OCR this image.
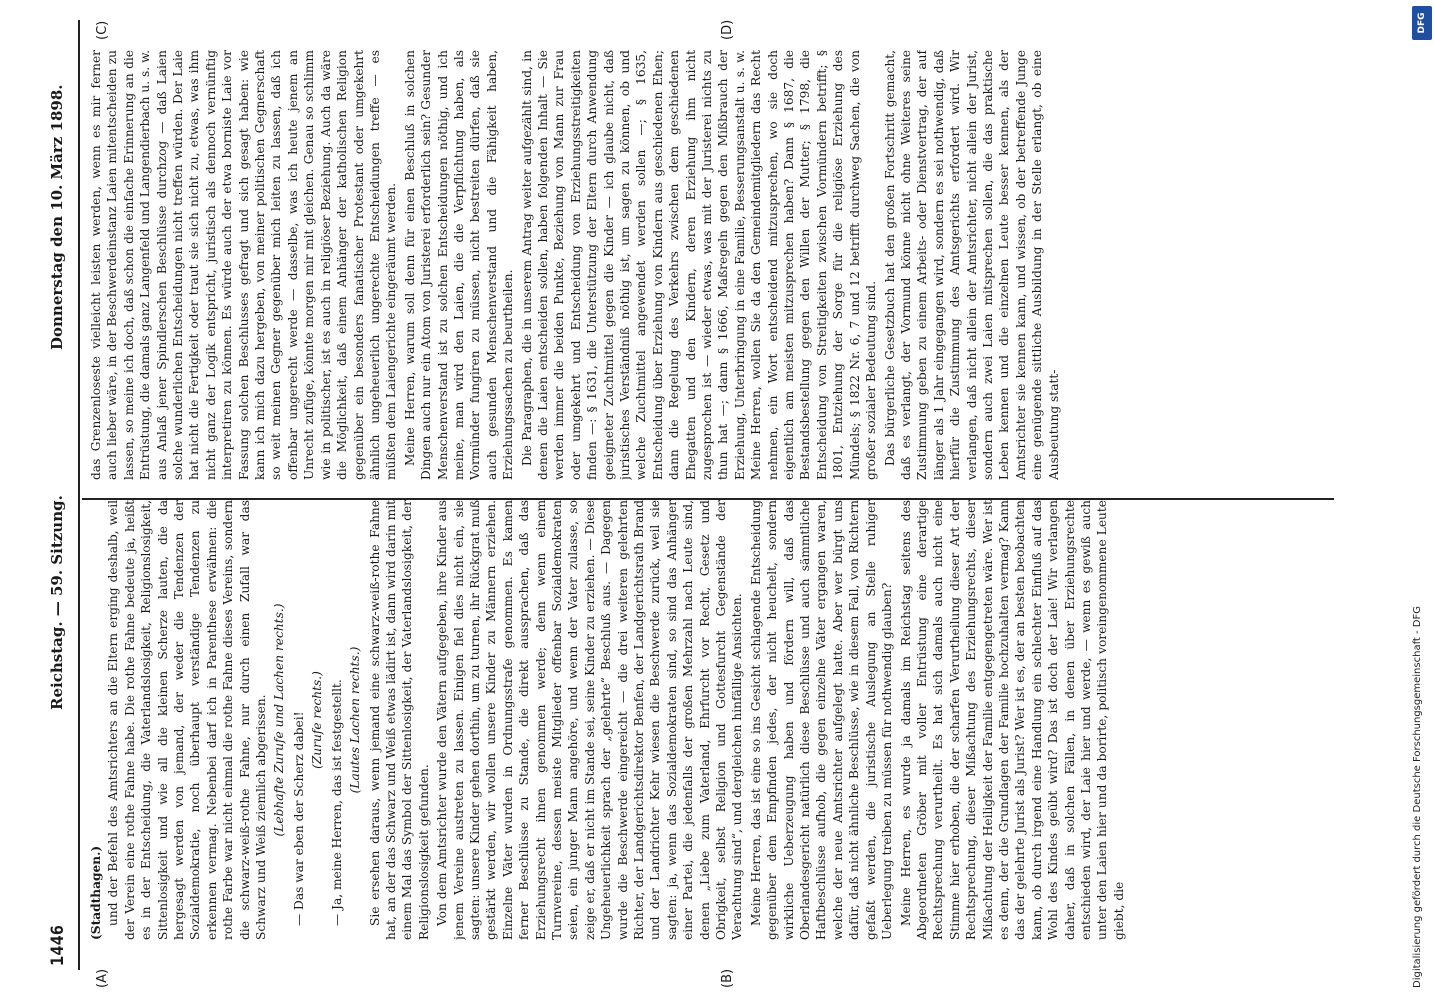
1446
Reichstag. — 59. Sitzung.
Donnerstag den 10. März 1898.
(A)	(B)
(C)	(D)
(Stadthagen.) und der Befehl des Amtsrichters an die Eltern erging deshalb, weil der Verein eine rothe Fahne habe. Die rothe Fahne bedeute ja, heißt es in der Entscheidung, die Vaterlandslosigkeit, Religionslosigkeit, Sittenlosigkeit und wie all die kleinen Scherze lauten, die da hergesagt werden von jemand, der weder die Tendenzen der Sozialdemokratie, noch überhaupt verständige Tendenzen zu erkennen vermag. Nebenbei darf ich in Parenthese erwähnen: die rothe Farbe war nicht einmal die rothe Fahne dieses Vereins, sondern die schwarz-weiß-rothe Fahne, nur durch einen Zufall war das Schwarz und Weiß ziemlich abgerissen. (Lebhafte Zurufe und Lachen rechts.) — Das war eben der Scherz dabei! (Zurufe rechts.) — Ja, meine Herren, das ist festgestellt. (Lautes Lachen rechts.) Sie ersehen daraus, wenn jemand eine schwarz-weiß-rothe Fahne hat, an der das Schwarz und Weiß etwas lädirt ist, dann wird darin mit einem Mal das Symbol der Sittenlosigkeit, der Vaterlandslosigkeit, der Religionslosigkeit gefunden. Von dem Amtsrichter wurde den Vätern aufgegeben, ihre Kinder aus jenem Vereine austreten zu lassen. Einigen fiel dies nicht ein, sie sagten: unsere Kinder gehen dorthin, um zu turnen, ihr Rückgrat muß gestärkt werden, wir wollen unsere Kinder zu Männern erziehen. Einzelne Väter wurden in Ordnungsstrafe genommen. Es kamen ferner Beschlüsse zu Stande, die direkt aussprachen, daß das Erziehungsrecht ihnen genommen werde; denn wenn einem Turnvereine, dessen meiste Mitglieder offenbar Sozialdemokraten seien, ein junger Mann angehöre, und wenn der Vater zulasse, so zeige er, daß er nicht im Stande sei, seine Kinder zu erziehen. — Diese Ungeheuerlichkeit sprach der „gelehrte“ Beschluß aus. — Dagegen wurde die Beschwerde eingereicht — die drei weiteren gelehrten Richter, der Landgerichtsdirektor Benfen, der Landgerichtsrath Brand und der Landrichter Kehr wiesen die Beschwerde zurück, weil sie sagten: ja, wenn das Sozialdemokraten sind, so sind das Anhänger einer Partei, die jedenfalls der großen Mehrzahl nach Leute sind, denen „Liebe zum Vaterland, Ehrfurcht vor Recht, Gesetz und Obrigkeit, selbst Religion und Gottesfurcht Gegenstände der Verachtung sind“, und dergleichen hinfällige Ansichten. Meine Herren, das ist eine so ins Gesicht schlagende Entscheidung gegenüber dem Empfinden jedes, der nicht heuchelt, sondern wirkliche Ueberzeugung haben und fördern will, daß das Oberlandesgericht natürlich diese Beschlüsse und auch sämmtliche Haftbeschlüsse aufhob, die gegen einzelne Väter ergangen waren, welche der neue Amtsrichter aufgelegt hatte. Aber wer bürgt uns dafür, daß nicht ähnliche Beschlüsse, wie in diesem Fall, von Richtern gefaßt werden, die juristische Auslegung an Stelle ruhiger Ueberlegung treiben zu müssen für nothwendig glauben? Meine Herren, es wurde ja damals im Reichstag seitens des Abgeordneten Gröber mit voller Entrüstung eine derartige Rechtsprechung verurtheilt. Es hat sich damals auch nicht eine Stimme hier erhoben, die der scharfen Verurtheilung dieser Art der Rechtsprechung, dieser Mißachtung des Erziehungsrechts, dieser Mißachtung der Heiligkeit der Familie entgegengetreten wäre. Wer ist es denn, der die Grundlagen der Familie hochzuhalten vermag? Kann das der gelehrte Jurist als Jurist? Wer ist es, der an besten beobachten kann, ob durch irgend eine Handlung ein schlechter Einfluß auf das Wohl des Kindes geübt wird? Das ist doch der Laie! Wir verlangen daher, daß in solchen Fällen, in denen über Erziehungsrechte entschieden wird, der Laie hier und werde, — wenn es gewiß auch unter den Laien hier und da borirte, politisch voreingenommene Leute giebt, die
das Grenzenloseste vielleicht leisten werden, wenn es mir ferner auch lieber wäre, in der Beschwerdeinstanz Laien mitentscheiden zu lassen, so meine ich doch, daß schon die einfache Erinnerung an die Entrüstung, die damals ganz Langenfeld und Langendierbach u. s. w. aus Anlaß jener Spindlerschen Beschlüsse durchzog — daß Laien solche wunderlichen Entscheidungen nicht treffen würden. Der Laie hat nicht die Fertigkeit oder traut sie sich nicht zu, etwas, was ihm nicht ganz der Logik entspricht, juristisch als dennoch vernünftig interpretiren zu können. Es würde auch der etwa borniste Laie vor Fassung solchen Beschlusses gefragt und sich gesagt haben: wie kann ich mich dazu hergeben, von meiner politischen Gegnerschaft so weit meinen Gegner gegenüber mich leiten zu lassen, daß ich offenbar ungerecht werde — dasselbe, was ich heute jenem an Unrecht zufüge, könnte morgen mir mit gleichen. Genau so schlimm wie in politischer, ist es auch in religiöser Beziehung. Auch da wäre die Möglichkeit, daß einem Anhänger der katholischen Religion gegenüber ein besonders fanatischer Protestant oder umgekehrt ähnlich ungeheuerlich ungerechte Entscheidungen treffe — es müßten dem Laiengerichte eingeräumt werden. Meine Herren, warum soll denn für einen Beschluß in solchen Dingen auch nur ein Atom von Juristerei erforderlich sein? Gesunder Menschenverstand ist zu solchen Entscheidungen nöthig, und ich meine, man wird den Laien, die die Verpflichtung haben, als Vormünder fungiren zu müssen, nicht bestreiten dürfen, daß sie auch gesunden Menschenverstand und die Fähigkeit haben, Erziehungssachen zu beurtheilen. Die Paragraphen, die in unserem Antrag weiter aufgezählt sind, in denen die Laien entscheiden sollen, haben folgenden Inhalt — Sie werden immer die beiden Punkte, Beziehung von Mann zur Frau oder umgekehrt und Entscheidung von Erziehungsstreitigkeiten finden —: § 1631, die Unterstützung der Eltern durch Anwendung geeigneter Zuchtmittel gegen die Kinder — ich glaube nicht, daß juristisches Verständniß nöthig ist, um sagen zu können, ob und welche Zuchtmittel angewendet werden sollen —; § 1635, Entscheidung über Erziehung von Kindern aus geschiedenen Ehen; dann die Regelung des Verkehrs zwischen dem geschiedenen Ehegatten und den Kindern, deren Erziehung ihm nicht zugesprochen ist — wieder etwas, was mit der Juristerei nichts zu thun hat —; dann § 1666, Maßregeln gegen den Mißbrauch der Erziehung, Unterbringung in eine Familie, Besserungsanstalt u. s. w. Meine Herren, wollen Sie da den Gemeindemitgliedern das Recht nehmen, ein Wort entscheidend mitzusprechen, wo sie doch eigentlich am meisten mitzusprechen haben? Dann § 1687, die Bestandsbestellung gegen den Willen der Mutter; § 1798, die Entscheidung von Streitigkeiten zwischen Vormündern betrifft; § 1801, Entziehung der Sorge für die religiöse Erziehung des Mündels; § 1822 Nr. 6, 7 und 12 betrifft durchweg Sachen, die von großer sozialer Bedeutung sind. Das bürgerliche Gesetzbuch hat den großen Fortschritt gemacht, daß es verlangt, der Vormund könne nicht ohne Weiteres seine Zustimmung geben zu einem Arbeits- oder Dienstvertrag, der auf länger als 1 Jahr eingegangen wird, sondern es sei nothwendig, daß hierfür die Zustimmung des Amtsgerichts erfordert wird. Wir verlangen, daß nicht allein der Amtsrichter, nicht allein der Jurist, sondern auch zwei Laien mitsprechen sollen, die das praktische Leben kennen und die einzelnen Leute besser kennen, als der Amtsrichter sie kennen kann, und wissen, ob der betreffende Junge eine genügende sittliche Ausbildung in der Stelle erlangt, ob eine Ausbeutung statt-
Digitalisierung gefördert durch die Deutsche Forschungsgemeinschaft - DFG
DFG
